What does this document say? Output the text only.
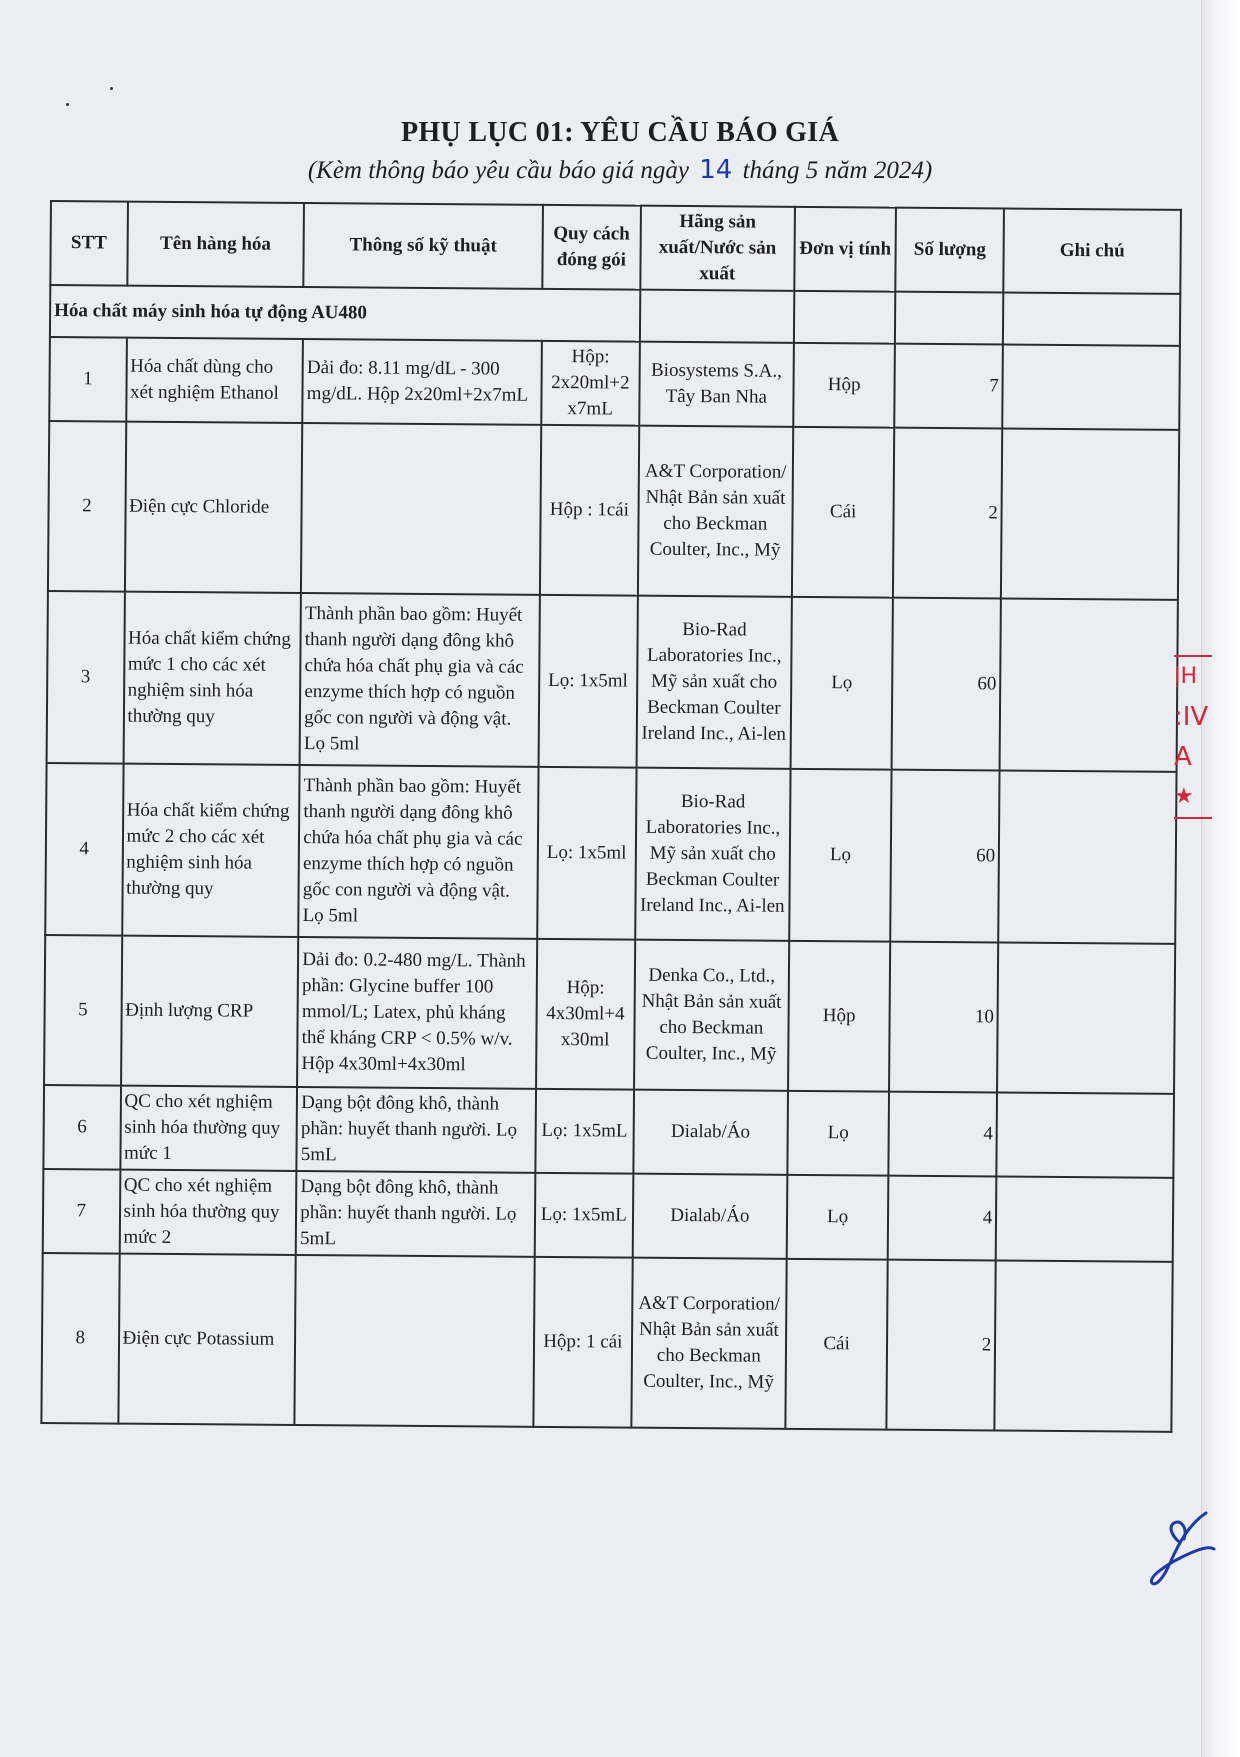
PHỤ LỤC 01: YÊU CẦU BÁO GIÁ
(Kèm thông báo yêu cầu báo giá ngày 14 tháng 5 năm 2024)
STT	Tên hàng hóa	Thông số kỹ thuật	Quy cách đóng gói	Hãng sản xuất/Nước sản xuất	Đơn vị tính	Số lượng	Ghi chú
Hóa chất máy sinh hóa tự động AU480							
1	Hóa chất dùng cho xét nghiệm Ethanol	Dải đo: 8.11 mg/dL - 300 mg/dL. Hộp 2x20ml+2x7mL	Hộp: 2x20ml+2 x7mL	Biosystems S.A., Tây Ban Nha	Hộp	7	
2	Điện cực Chloride		Hộp : 1cái	A&T Corporation/ Nhật Bản sản xuất cho Beckman Coulter, Inc., Mỹ	Cái	2	
3	Hóa chất kiểm chứng mức 1 cho các xét nghiệm sinh hóa thường quy	Thành phần bao gồm: Huyết thanh người dạng đông khô chứa hóa chất phụ gia và các enzyme thích hợp có nguồn gốc con người và động vật. Lọ 5ml	Lọ: 1x5ml	Bio-Rad Laboratories Inc., Mỹ sản xuất cho Beckman Coulter Ireland Inc., Ai-len	Lọ	60	
4	Hóa chất kiểm chứng mức 2 cho các xét nghiệm sinh hóa thường quy	Thành phần bao gồm: Huyết thanh người dạng đông khô chứa hóa chất phụ gia và các enzyme thích hợp có nguồn gốc con người và động vật. Lọ 5ml	Lọ: 1x5ml	Bio-Rad Laboratories Inc., Mỹ sản xuất cho Beckman Coulter Ireland Inc., Ai-len	Lọ	60	
5	Định lượng CRP	Dải đo: 0.2-480 mg/L. Thành phần: Glycine buffer 100 mmol/L; Latex, phủ kháng thể kháng CRP < 0.5% w/v. Hộp 4x30ml+4x30ml	Hộp: 4x30ml+4 x30ml	Denka Co., Ltd., Nhật Bản sản xuất cho Beckman Coulter, Inc., Mỹ	Hộp	10	
6	QC cho xét nghiệm sinh hóa thường quy mức 1	Dạng bột đông khô, thành phần: huyết thanh người. Lọ 5mL	Lọ: 1x5mL	Dialab/Áo	Lọ	4	
7	QC cho xét nghiệm sinh hóa thường quy mức 2	Dạng bột đông khô, thành phần: huyết thanh người. Lọ 5mL	Lọ: 1x5mL	Dialab/Áo	Lọ	4	
8	Điện cực Potassium		Hộp: 1 cái	A&T Corporation/ Nhật Bản sản xuất cho Beckman Coulter, Inc., Mỹ	Cái	2	
ỊH
:IV
A
★
